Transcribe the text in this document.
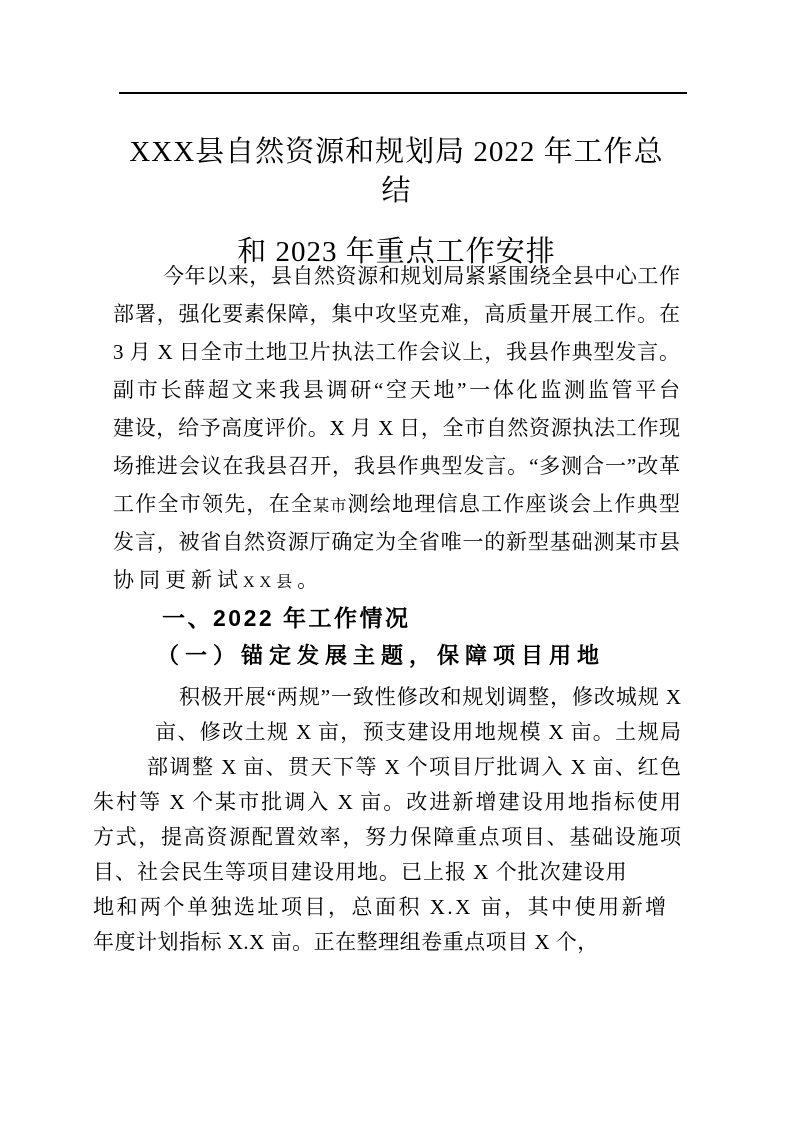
XXX县自然资源和规划局 2022 年工作总
结
和 2023 年重点工作安排
今年以来，县自然资源和规划局紧紧围绕全县中心工作
部署，强化要素保障，集中攻坚克难，高质量开展工作。在
3 月 X 日全市土地卫片执法工作会议上，我县作典型发言。
副市长薛超文来我县调研“空天地”一体化监测监管平台
建设，给予高度评价。X 月 X 日，全市自然资源执法工作现
场推进会议在我县召开，我县作典型发言。“多测合一”改革
工作全市领先，在全某市测绘地理信息工作座谈会上作典型
发言，被省自然资源厅确定为全省唯一的新型基础测某市县
协同更新试XX县。
一、2022 年工作情况
（一）锚定发展主题，保障项目用地
积极开展“两规”一致性修改和规划调整，修改城规 X
亩、修改土规 X 亩，预支建设用地规模 X 亩。土规局
部调整 X 亩、贯天下等 X 个项目厅批调入 X 亩、红色
朱村等 X 个某市批调入 X 亩。改进新增建设用地指标使用
方式，提高资源配置效率，努力保障重点项目、基础设施项
目、社会民生等项目建设用地。已上报 X 个批次建设用
地和两个单独选址项目，总面积 X.X 亩，其中使用新增
年度计划指标 X.X 亩。正在整理组卷重点项目 X 个，
